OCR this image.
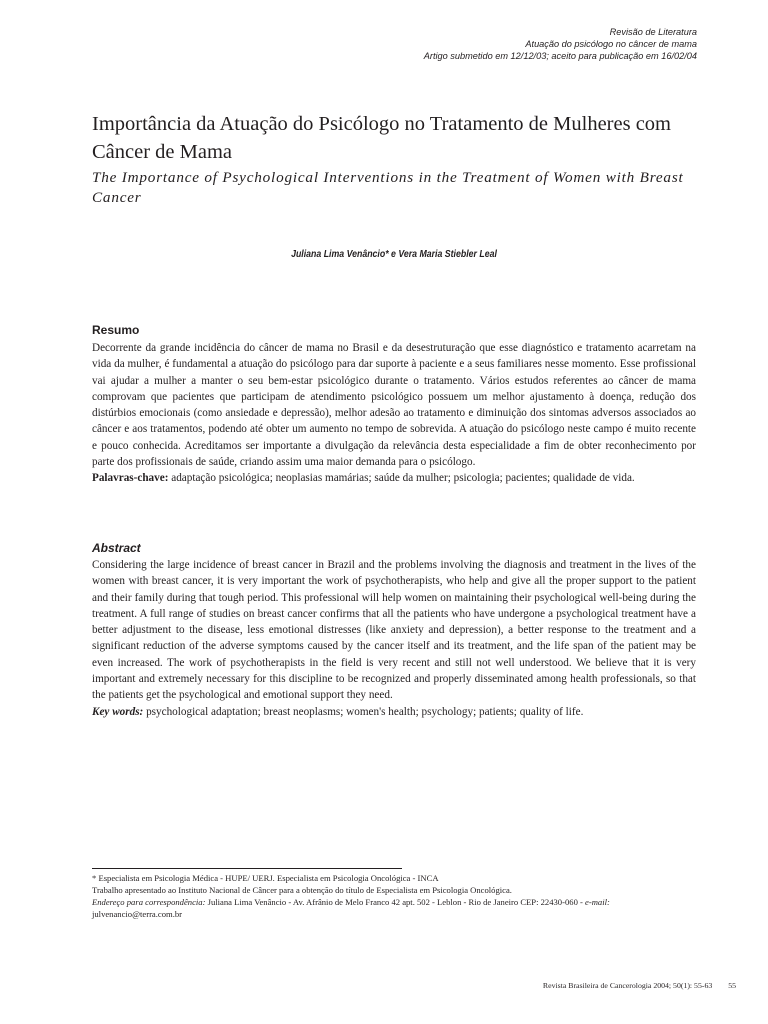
Revisão de Literatura
Atuação do psicólogo no câncer de mama
Artigo submetido em 12/12/03; aceito para publicação em 16/02/04
Importância da Atuação do Psicólogo no Tratamento de Mulheres com Câncer de Mama
The Importance of Psychological Interventions in the Treatment of Women with Breast Cancer
Juliana Lima Venâncio* e Vera Maria Stiebler Leal
Resumo
Decorrente da grande incidência do câncer de mama no Brasil e da desestruturação que esse diagnóstico e tratamento acarretam na vida da mulher, é fundamental a atuação do psicólogo para dar suporte à paciente e a seus familiares nesse momento. Esse profissional vai ajudar a mulher a manter o seu bem-estar psicológico durante o tratamento. Vários estudos referentes ao câncer de mama comprovam que pacientes que participam de atendimento psicológico possuem um melhor ajustamento à doença, redução dos distúrbios emocionais (como ansiedade e depressão), melhor adesão ao tratamento e diminuição dos sintomas adversos associados ao câncer e aos tratamentos, podendo até obter um aumento no tempo de sobrevida. A atuação do psicólogo neste campo é muito recente e pouco conhecida. Acreditamos ser importante a divulgação da relevância desta especialidade a fim de obter reconhecimento por parte dos profissionais de saúde, criando assim uma maior demanda para o psicólogo.
Palavras-chave: adaptação psicológica; neoplasias mamárias; saúde da mulher; psicologia; pacientes; qualidade de vida.
Abstract
Considering the large incidence of breast cancer in Brazil and the problems involving the diagnosis and treatment in the lives of the women with breast cancer, it is very important the work of psychotherapists, who help and give all the proper support to the patient and their family during that tough period. This professional will help women on maintaining their psychological well-being during the treatment. A full range of studies on breast cancer confirms that all the patients who have undergone a psychological treatment have a better adjustment to the disease, less emotional distresses (like anxiety and depression), a better response to the treatment and a significant reduction of the adverse symptoms caused by the cancer itself and its treatment, and the life span of the patient may be even increased. The work of psychotherapists in the field is very recent and still not well understood. We believe that it is very important and extremely necessary for this discipline to be recognized and properly disseminated among health professionals, so that the patients get the psychological and emotional support they need.
Key words: psychological adaptation; breast neoplasms; women's health; psychology; patients; quality of life.
* Especialista em Psicologia Médica - HUPE/ UERJ. Especialista em Psicologia Oncológica - INCA
Trabalho apresentado ao Instituto Nacional de Câncer para a obtenção do título de Especialista em Psicologia Oncológica.
Endereço para correspondência: Juliana Lima Venâncio - Av. Afrânio de Melo Franco 42 apt. 502 - Leblon - Rio de Janeiro CEP: 22430-060 - e-mail: julvenancio@terra.com.br
Revista Brasileira de Cancerologia 2004; 50(1): 55-63 55
